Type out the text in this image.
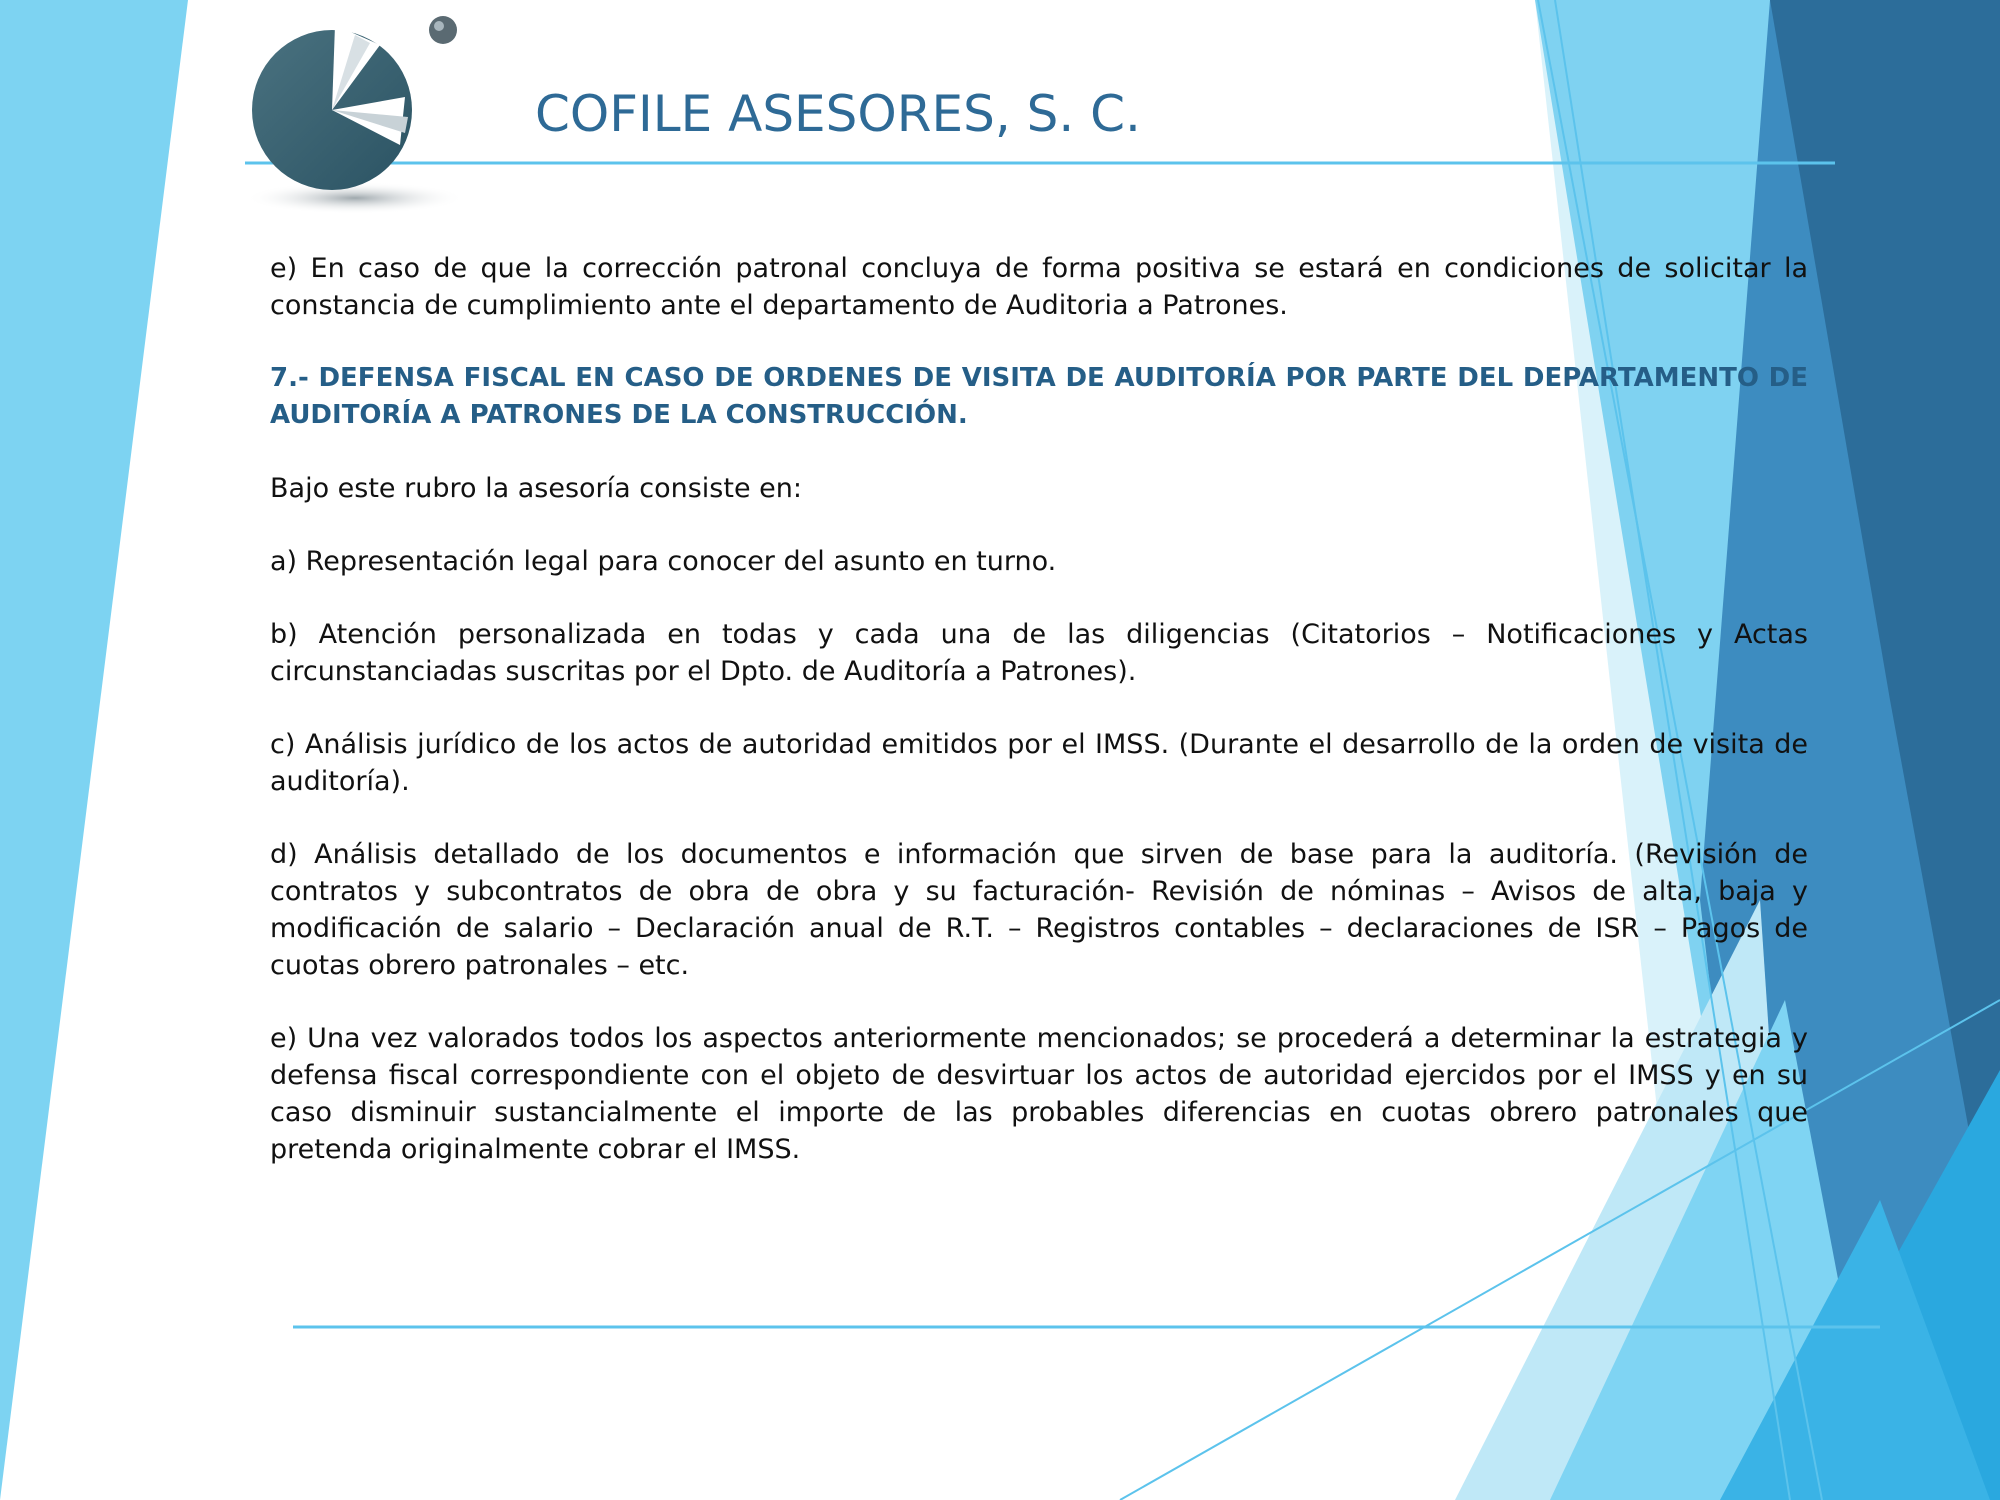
COFILE ASESORES, S. C.

e) En caso de que la corrección patronal concluya de forma positiva se estará en condiciones de solicitar la constancia de cumplimiento ante el departamento de Auditoria a Patrones.

7.- DEFENSA FISCAL EN CASO DE ORDENES DE VISITA DE AUDITORÍA POR PARTE DEL DEPARTAMENTO DE AUDITORÍA A PATRONES DE LA CONSTRUCCIÓN.

Bajo este rubro la asesoría consiste en:

a) Representación legal para conocer del asunto en turno.

b) Atención personalizada en todas y cada una de las diligencias (Citatorios – Notificaciones y Actas circunstanciadas suscritas por el Dpto. de Auditoría a Patrones).

c) Análisis jurídico de los actos de autoridad emitidos por el IMSS. (Durante el desarrollo de la orden de visita de auditoría).

d) Análisis detallado de los documentos e información que sirven de base para la auditoría. (Revisión de contratos y subcontratos de obra de obra y su facturación- Revisión de nóminas – Avisos de alta, baja y modificación de salario – Declaración anual de R.T. – Registros contables – declaraciones de ISR – Pagos de cuotas obrero patronales – etc.

e) Una vez valorados todos los aspectos anteriormente mencionados; se procederá a determinar la estrategia y defensa fiscal correspondiente con el objeto de desvirtuar los actos de autoridad ejercidos por el IMSS y en su caso disminuir sustancialmente el importe de las probables diferencias en cuotas obrero patronales que pretenda originalmente cobrar el IMSS.
